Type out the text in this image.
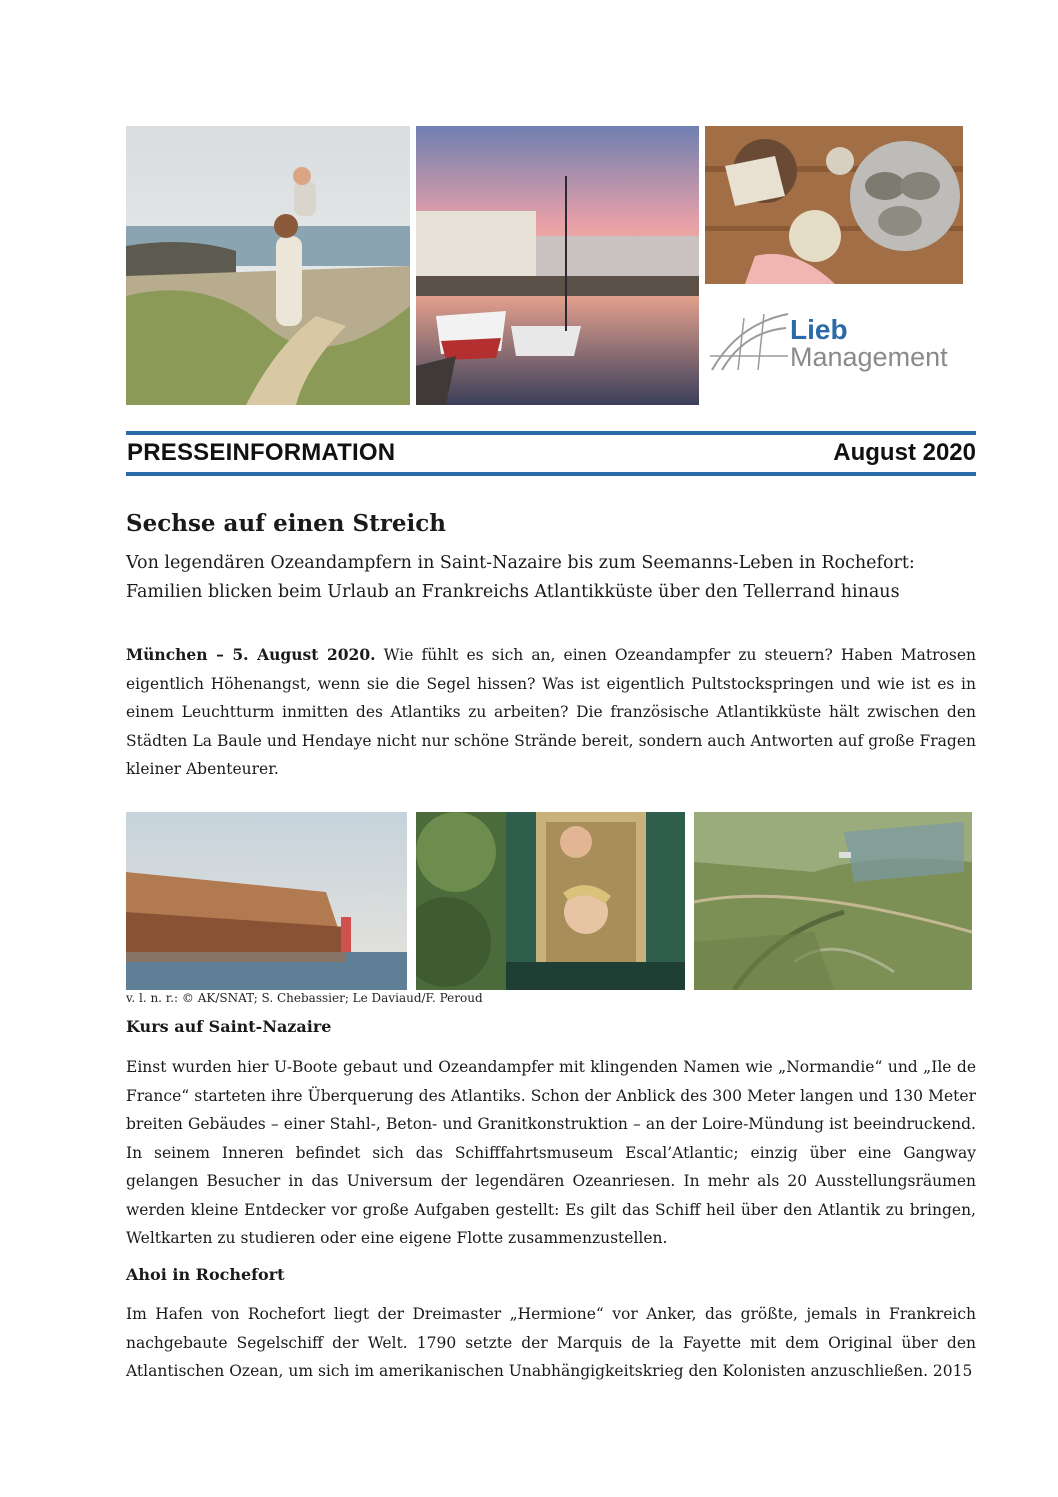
Lieb
Management
PRESSEINFORMATION	August 2020
Sechse auf einen Streich
Von legendären Ozeandampfern in Saint-Nazaire bis zum Seemanns-Leben in Rochefort:
Familien blicken beim Urlaub an Frankreichs Atlantikküste über den Tellerrand hinaus
München – 5. August 2020. Wie fühlt es sich an, einen Ozeandampfer zu steuern? Haben Matrosen eigentlich Höhenangst, wenn sie die Segel hissen? Was ist eigentlich Pultstockspringen und wie ist es in einem Leuchtturm inmitten des Atlantiks zu arbeiten? Die französische Atlantikküste hält zwischen den Städten La Baule und Hendaye nicht nur schöne Strände bereit, sondern auch Antworten auf große Fragen kleiner Abenteurer.
v. l. n. r.: © AK/SNAT; S. Chebassier; Le Daviaud/F. Peroud
Kurs auf Saint-Nazaire
Einst wurden hier U-Boote gebaut und Ozeandampfer mit klingenden Namen wie „Normandie“ und „Ile de France“ starteten ihre Überquerung des Atlantiks. Schon der Anblick des 300 Meter langen und 130 Meter breiten Gebäudes – einer Stahl-, Beton- und Granitkonstruktion – an der Loire-Mündung ist beeindruckend. In seinem Inneren befindet sich das Schifffahrtsmuseum Escal’Atlantic; einzig über eine Gangway gelangen Besucher in das Universum der legendären Ozeanriesen. In mehr als 20 Ausstellungsräumen werden kleine Entdecker vor große Aufgaben gestellt: Es gilt das Schiff heil über den Atlantik zu bringen, Weltkarten zu studieren oder eine eigene Flotte zusammenzustellen.
Ahoi in Rochefort
Im Hafen von Rochefort liegt der Dreimaster „Hermione“ vor Anker, das größte, jemals in Frankreich nachgebaute Segelschiff der Welt. 1790 setzte der Marquis de la Fayette mit dem Original über den Atlantischen Ozean, um sich im amerikanischen Unabhängigkeitskrieg den Kolonisten anzuschließen. 2015
